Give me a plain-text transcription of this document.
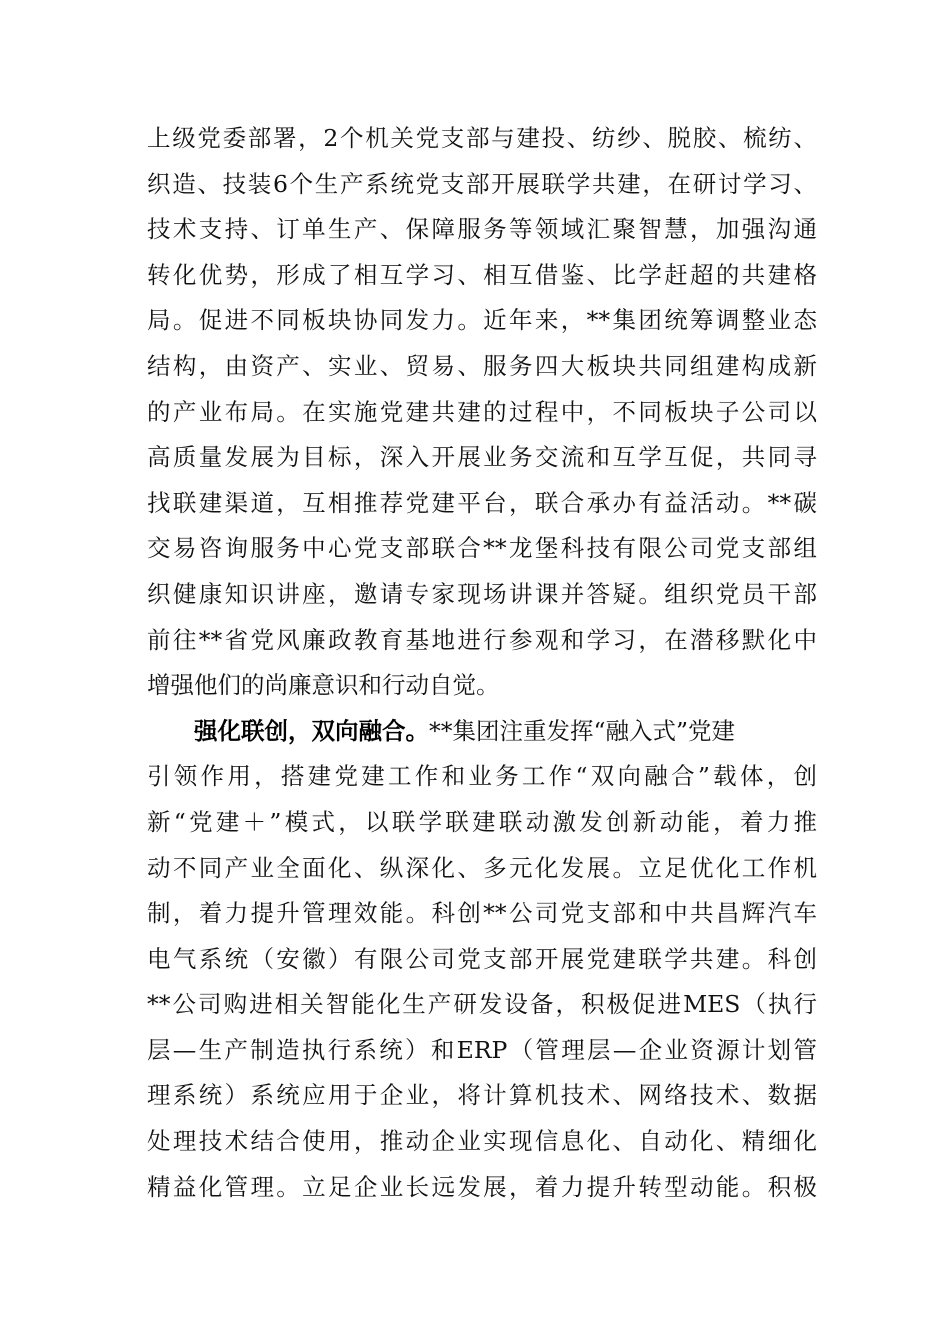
上级党委部署，2个机关党支部与建投、纺纱、脱胶、梳纺、
织造、技装6个生产系统党支部开展联学共建，在研讨学习、
技术支持、订单生产、保障服务等领域汇聚智慧，加强沟通
转化优势，形成了相互学习、相互借鉴、比学赶超的共建格
局。促进不同板块协同发力。近年来，**集团统筹调整业态
结构，由资产、实业、贸易、服务四大板块共同组建构成新
的产业布局。在实施党建共建的过程中，不同板块子公司以
高质量发展为目标，深入开展业务交流和互学互促，共同寻
找联建渠道，互相推荐党建平台，联合承办有益活动。**碳
交易咨询服务中心党支部联合**龙堡科技有限公司党支部组
织健康知识讲座，邀请专家现场讲课并答疑。组织党员干部
前往**省党风廉政教育基地进行参观和学习，在潜移默化中
增强他们的尚廉意识和行动自觉。
强化联创，双向融合。**集团注重发挥“融入式”党建
引领作用，搭建党建工作和业务工作“双向融合”载体，创
新“党建＋”模式，以联学联建联动激发创新动能，着力推
动不同产业全面化、纵深化、多元化发展。立足优化工作机
制，着力提升管理效能。科创**公司党支部和中共昌辉汽车
电气系统（安徽）有限公司党支部开展党建联学共建。科创
**公司购进相关智能化生产研发设备，积极促进MES（执行
层—生产制造执行系统）和ERP（管理层—企业资源计划管
理系统）系统应用于企业，将计算机技术、网络技术、数据
处理技术结合使用，推动企业实现信息化、自动化、精细化
精益化管理。立足企业长远发展，着力提升转型动能。积极
